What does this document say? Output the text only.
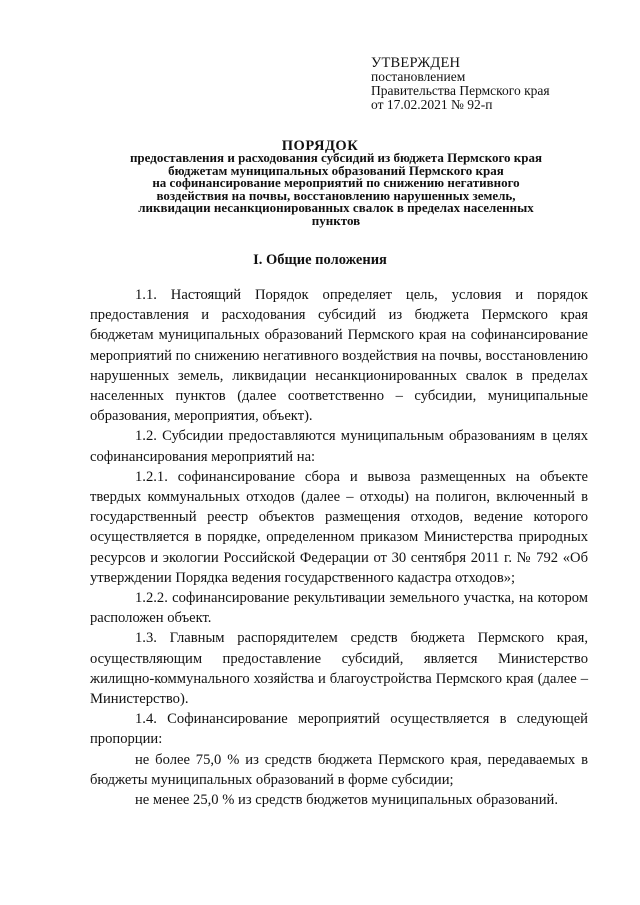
УТВЕРЖДЕН
постановлением
Правительства Пермского края
от 17.02.2021 № 92-п
ПОРЯДОК
предоставления и расходования субсидий из бюджета Пермского края
бюджетам муниципальных образований Пермского края
на софинансирование мероприятий по снижению негативного
воздействия на почвы, восстановлению нарушенных земель,
ликвидации несанкционированных свалок в пределах населенных
пунктов
I. Общие положения

1.1. Настоящий Порядок определяет цель, условия и порядок предоставления и расходования субсидий из бюджета Пермского края бюджетам муниципальных образований Пермского края на софинансирование мероприятий по снижению негативного воздействия на почвы, восстановлению нарушенных земель, ликвидации несанкционированных свалок в пределах населенных пунктов (далее соответственно – субсидии, муниципальные образования, мероприятия, объект).

1.2. Субсидии предоставляются муниципальным образованиям в целях софинансирования мероприятий на:

1.2.1. софинансирование сбора и вывоза размещенных на объекте твердых коммунальных отходов (далее – отходы) на полигон, включенный в государственный реестр объектов размещения отходов, ведение которого осуществляется в порядке, определенном приказом Министерства природных ресурсов и экологии Российской Федерации от 30 сентября 2011 г. № 792 «Об утверждении Порядка ведения государственного кадастра отходов»;

1.2.2. софинансирование рекультивации земельного участка, на котором расположен объект.

1.3. Главным распорядителем средств бюджета Пермского края, осуществляющим предоставление субсидий, является Министерство жилищно-коммунального хозяйства и благоустройства Пермского края (далее – Министерство).

1.4. Софинансирование мероприятий осуществляется в следующей пропорции:

не более 75,0 % из средств бюджета Пермского края, передаваемых в бюджеты муниципальных образований в форме субсидии;

не менее 25,0 % из средств бюджетов муниципальных образований.
